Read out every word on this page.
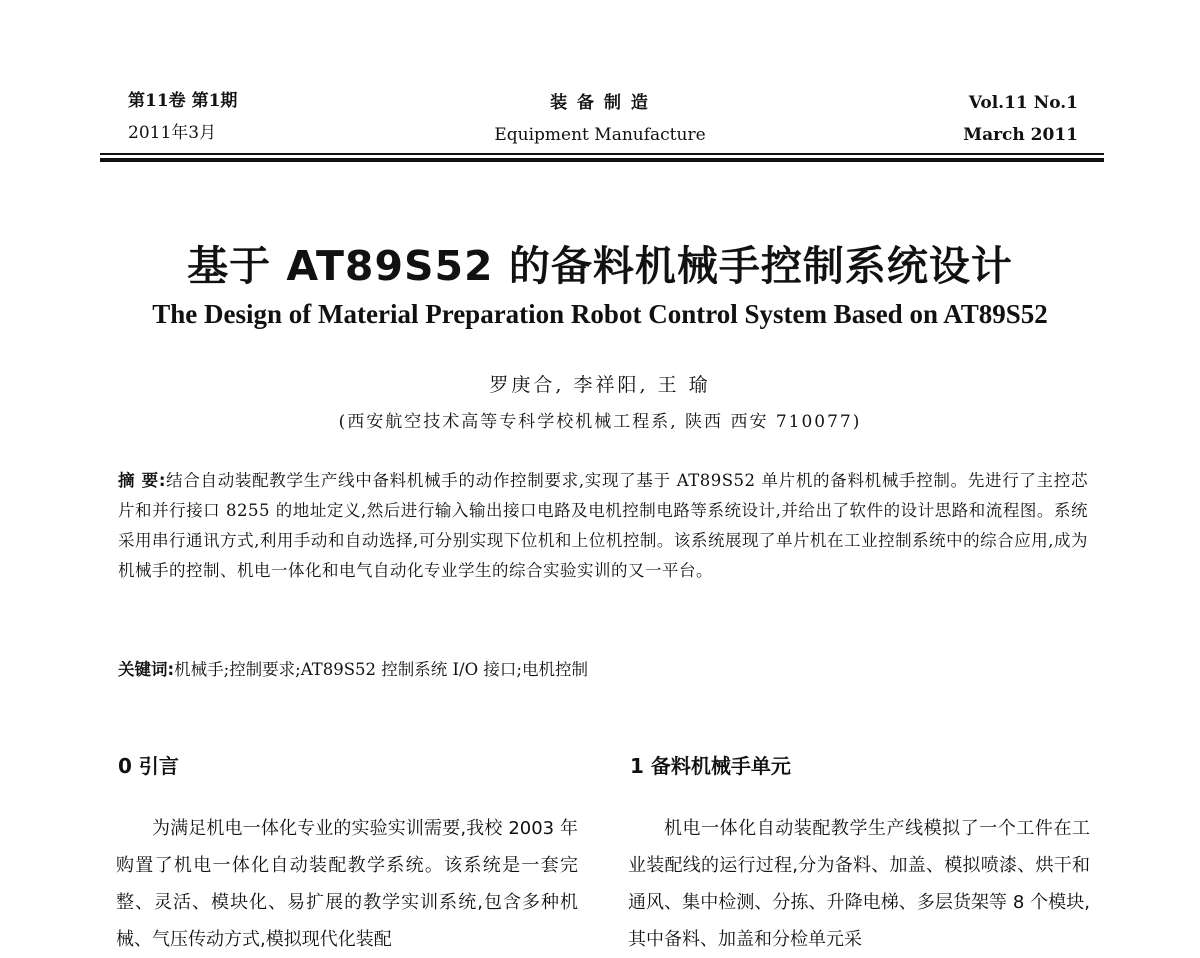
第11卷 第1期
2011年3月
装 备 制 造
Equipment Manufacture
Vol.11 No.1
March 2011
基于 AT89S52 的备料机械手控制系统设计
The Design of Material Preparation Robot Control System Based on AT89S52
罗庚合, 李祥阳, 王 瑜
(西安航空技术高等专科学校机械工程系, 陕西 西安 710077)
摘 要:结合自动装配教学生产线中备料机械手的动作控制要求,实现了基于 AT89S52 单片机的备料机械手控制。先进行了主控芯片和并行接口 8255 的地址定义,然后进行输入输出接口电路及电机控制电路等系统设计,并给出了软件的设计思路和流程图。系统采用串行通讯方式,利用手动和自动选择,可分别实现下位机和上位机控制。该系统展现了单片机在工业控制系统中的综合应用,成为机械手的控制、机电一体化和电气自动化专业学生的综合实验实训的又一平台。
关键词:机械手;控制要求;AT89S52 控制系统 I/O 接口;电机控制
0 引言	1 备料机械手单元

为满足机电一体化专业的实验实训需要,我校 2003 年购置了机电一体化自动装配教学系统。该系统是一套完整、灵活、模块化、易扩展的教学实训系统,包含多种机械、气压传动方式,模拟现代化装配

机电一体化自动装配教学生产线模拟了一个工件在工业装配线的运行过程,分为备料、加盖、模拟喷漆、烘干和通风、集中检测、分拣、升降电梯、多层货架等 8 个模块,其中备料、加盖和分检单元采
